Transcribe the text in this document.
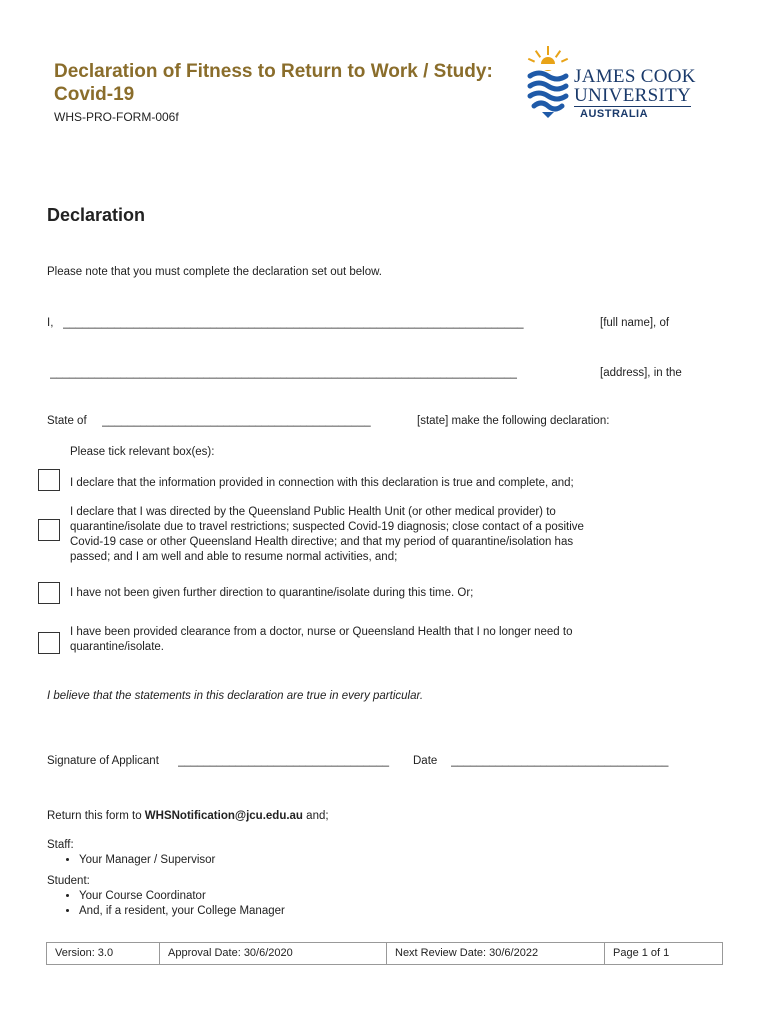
Declaration of Fitness to Return to Work / Study:
Covid-19
WHS-PRO-FORM-006f
JAMES COOK
UNIVERSITY
AUSTRALIA
Declaration
Please note that you must complete the declaration set out below.
I, ________________________________________________________________________	[full name], of
_________________________________________________________________________	[address], in the
State of __________________________________________	[state] make the following declaration:
Please tick relevant box(es):
I declare that the information provided in connection with this declaration is true and complete, and;
I declare that I was directed by the Queensland Public Health Unit (or other medical provider) to
quarantine/isolate due to travel restrictions; suspected Covid-19 diagnosis; close contact of a positive
Covid-19 case or other Queensland Health directive; and that my period of quarantine/isolation has
passed; and I am well and able to resume normal activities, and;
I have not been given further direction to quarantine/isolate during this time. Or;
I have been provided clearance from a doctor, nurse or Queensland Health that I no longer need to
quarantine/isolate.
I believe that the statements in this declaration are true in every particular.
Signature of Applicant _________________________________	Date __________________________________
Return this form to WHSNotification@jcu.edu.au and;
Staff:
• Your Manager / Supervisor
Student:
• Your Course Coordinator
• And, if a resident, your College Manager
Version: 3.0	Approval Date: 30/6/2020	Next Review Date: 30/6/2022	Page 1 of 1
